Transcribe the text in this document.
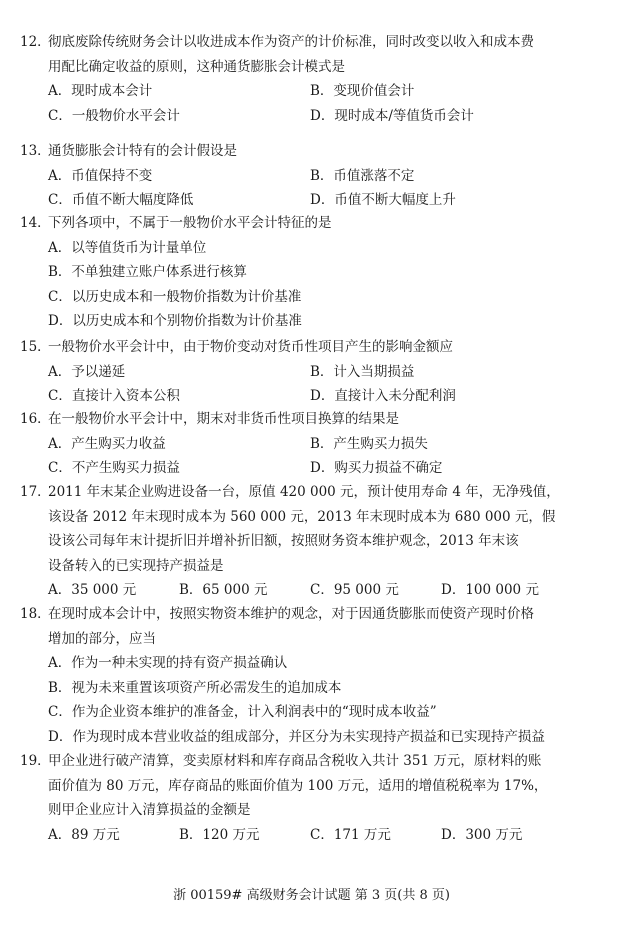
12．彻底废除传统财务会计以收进成本作为资产的计价标准，同时改变以收入和成本费
用配比确定收益的原则，这种通货膨胀会计模式是
A．现时成本会计	B．变现价值会计
C．一般物价水平会计	D．现时成本/等值货币会计
13．通货膨胀会计特有的会计假设是
A．币值保持不变	B．币值涨落不定
C．币值不断大幅度降低	D．币值不断大幅度上升
14．下列各项中，不属于一般物价水平会计特征的是
A．以等值货币为计量单位
B．不单独建立账户体系进行核算
C．以历史成本和一般物价指数为计价基准
D．以历史成本和个别物价指数为计价基准
15．一般物价水平会计中，由于物价变动对货币性项目产生的影响金额应
A．予以递延	B．计入当期损益
C．直接计入资本公积	D．直接计入未分配利润
16．在一般物价水平会计中，期末对非货币性项目换算的结果是
A．产生购买力收益	B．产生购买力损失
C．不产生购买力损益	D．购买力损益不确定
17．2011 年末某企业购进设备一台，原值 420 000 元，预计使用寿命 4 年，无净残值，
该设备 2012 年末现时成本为 560 000 元，2013 年末现时成本为 680 000 元，假
设该公司每年末计提折旧并增补折旧额，按照财务资本维护观念，2013 年末该
设备转入的已实现持产损益是
A．35 000 元	B．65 000 元	C．95 000 元	D．100 000 元
18．在现时成本会计中，按照实物资本维护的观念，对于因通货膨胀而使资产现时价格
增加的部分，应当
A．作为一种未实现的持有资产损益确认
B．视为未来重置该项资产所必需发生的追加成本
C．作为企业资本维护的准备金，计入利润表中的“现时成本收益”
D．作为现时成本营业收益的组成部分，并区分为未实现持产损益和已实现持产损益
19．甲企业进行破产清算，变卖原材料和库存商品含税收入共计 351 万元，原材料的账
面价值为 80 万元，库存商品的账面价值为 100 万元，适用的增值税税率为 17%，
则甲企业应计入清算损益的金额是
A．89 万元	B．120 万元	C．171 万元	D．300 万元
浙 00159# 高级财务会计试题 第 3 页(共 8 页)
